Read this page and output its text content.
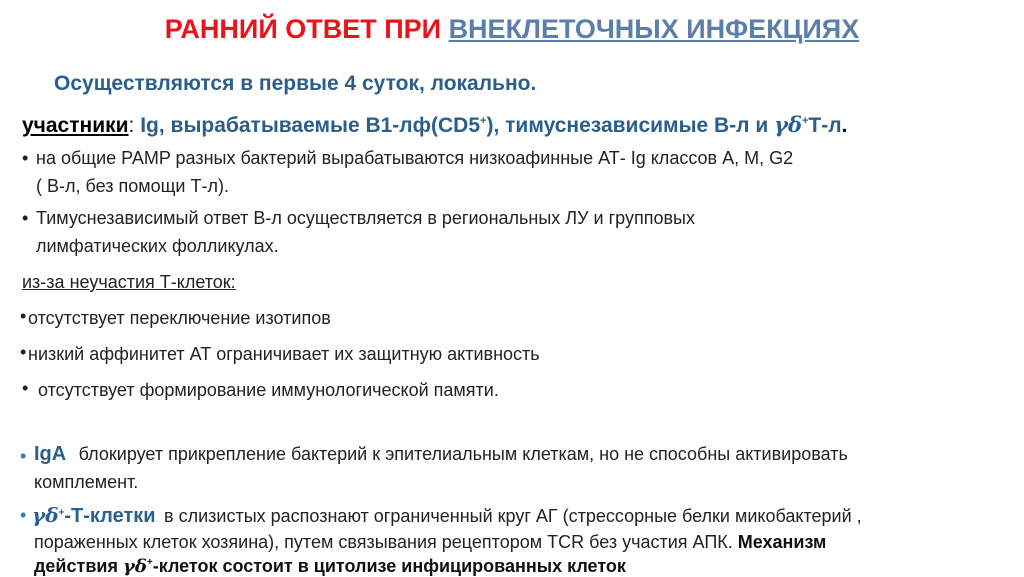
РАННИЙ ОТВЕТ ПРИ ВНЕКЛЕТОЧНЫХ ИНФЕКЦИЯХ
Осуществляются в первые 4 суток, локально.
участники: Ig, вырабатываемые В1-лф(CD5+), тимуснезависимые В-л и γδ+Т-л.
• на общие PAMP разных бактерий вырабатываются низкоафинные АТ- Ig классов А, М, G2
( В-л, без помощи Т-л).
• Тимуснезависимый ответ В-л осуществляется в региональных ЛУ и групповых
лимфатических фолликулах.
из-за неучастия Т-клеток:
• отсутствует переключение изотипов
• низкий аффинитет АТ ограничивает их защитную активность
• отсутствует формирование иммунологической памяти.
• IgA блокирует прикрепление бактерий к эпителиальным клеткам, но не способны активировать
комплемент.
• γδ+-Т-клетки в слизистых распознают ограниченный круг АГ (стрессорные белки микобактерий ,
пораженных клеток хозяина), путем связывания рецептором TCR без участия АПК. Механизм
действия γδ+-клеток состоит в цитолизе инфицированных клеток
